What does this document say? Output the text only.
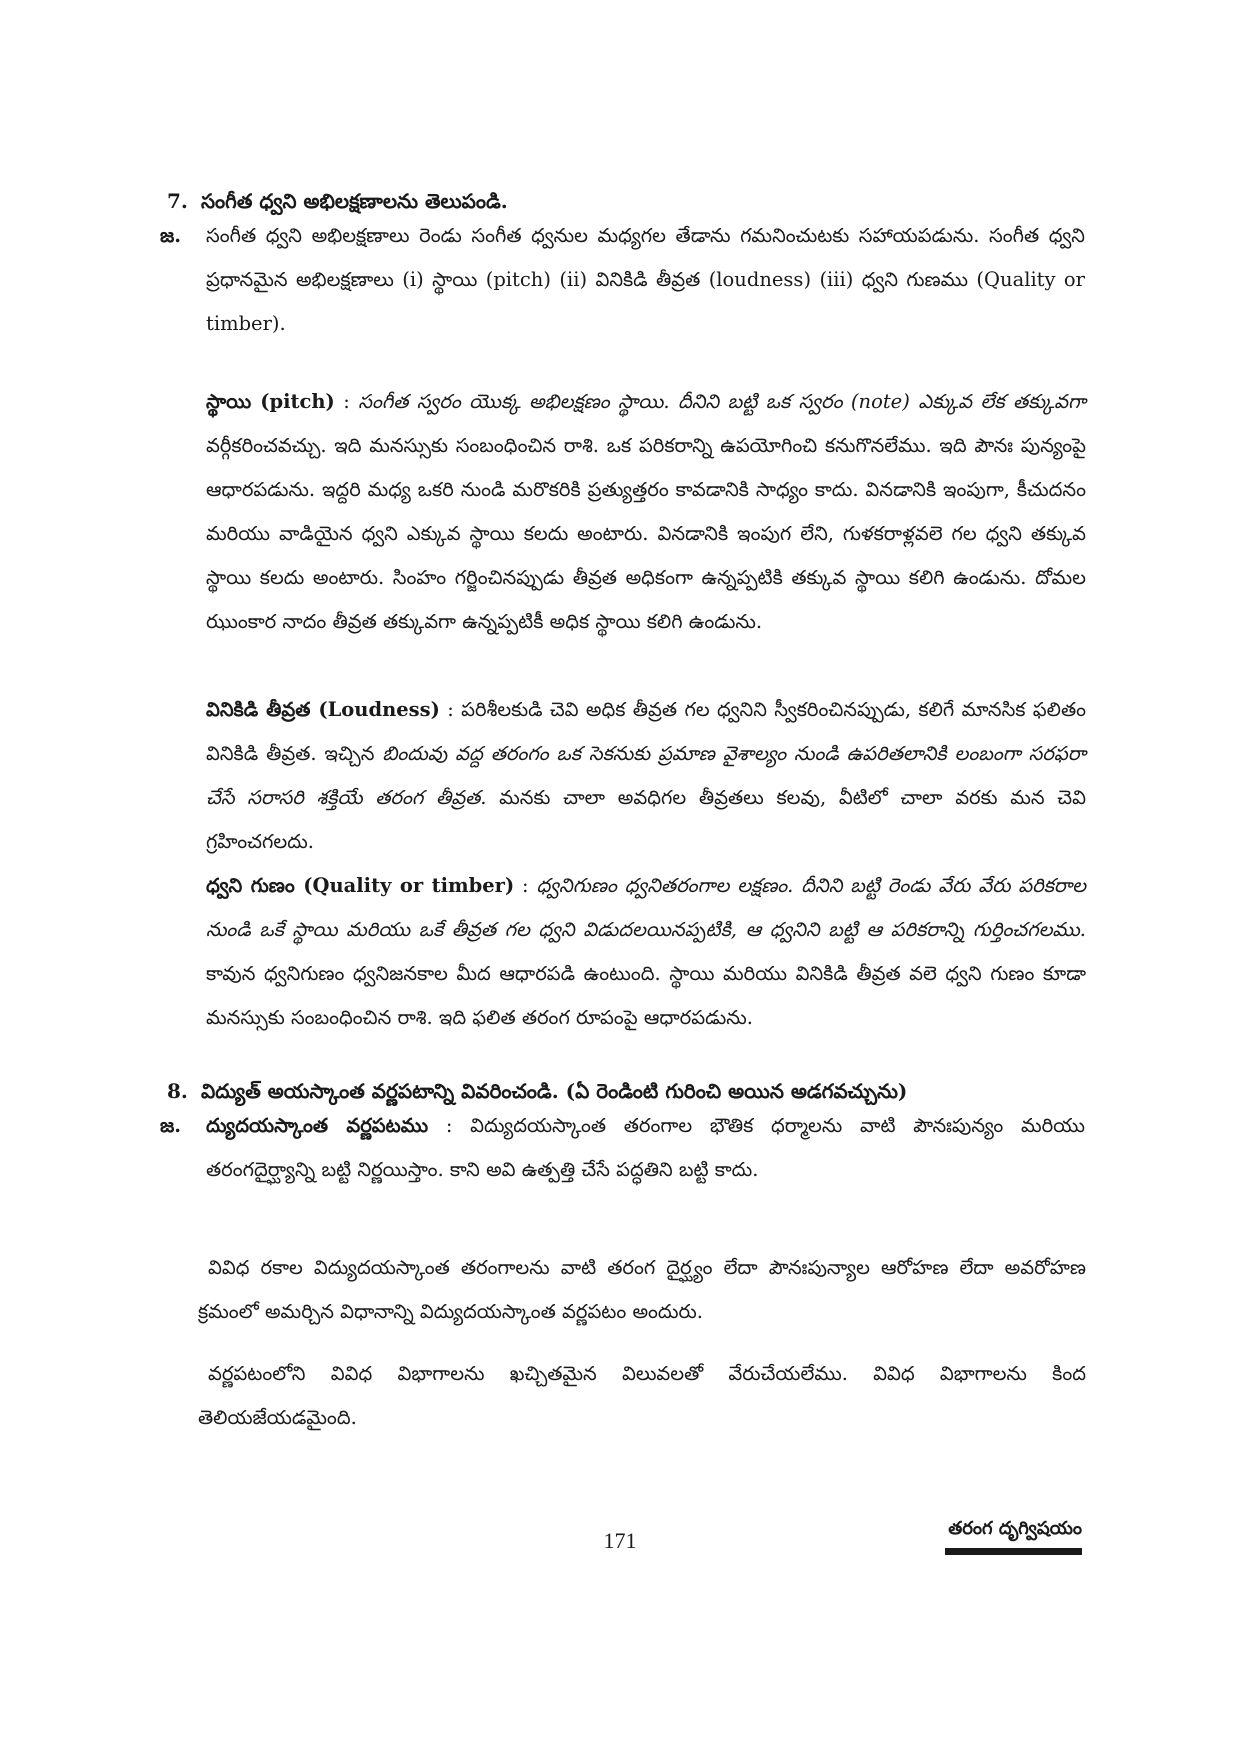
7. సంగీత ధ్వని అభిలక్షణాలను తెలుపండి.
జ. సంగీత ధ్వని అభిలక్షణాలు రెండు సంగీత ధ్వనుల మధ్యగల తేడాను గమనించుటకు సహాయపడును. సంగీత ధ్వని ప్రధానమైన అభిలక్షణాలు (i) స్థాయి (pitch) (ii) వినికిడి తీవ్రత (loudness) (iii) ధ్వని గుణము (Quality or timber).
స్థాయి (pitch) : సంగీత స్వరం యొక్క అభిలక్షణం స్థాయి. దీనిని బట్టి ఒక స్వరం (note) ఎక్కువ లేక తక్కువగా వర్గీకరించవచ్చు. ఇది మనస్సుకు సంబంధించిన రాశి. ఒక పరికరాన్ని ఉపయోగించి కనుగొనలేము. ఇది పౌనః పున్యంపై ఆధారపడును. ఇద్దరి మధ్య ఒకరి నుండి మరొకరికి ప్రత్యుత్తరం కావడానికి సాధ్యం కాదు. వినడానికి ఇంపుగా, కీచుదనం మరియు వాడియైన ధ్వని ఎక్కువ స్థాయి కలదు అంటారు. వినడానికి ఇంపుగ లేని, గుళకరాళ్లవలె గల ధ్వని తక్కువ స్థాయి కలదు అంటారు. సింహం గర్జించినప్పుడు తీవ్రత అధికంగా ఉన్నప్పటికి తక్కువ స్థాయి కలిగి ఉండును. దోమల ఝుంకార నాదం తీవ్రత తక్కువగా ఉన్నప్పటికీ అధిక స్థాయి కలిగి ఉండును.
వినికిడి తీవ్రత (Loudness) : పరిశీలకుడి చెవి అధిక తీవ్రత గల ధ్వనిని స్వీకరించినప్పుడు, కలిగే మానసిక ఫలితం వినికిడి తీవ్రత. ఇచ్చిన బిందువు వద్ద తరంగం ఒక సెకనుకు ప్రమాణ వైశాల్యం నుండి ఉపరితలానికి లంబంగా సరఫరా చేసే సరాసరి శక్తియే తరంగ తీవ్రత. మనకు చాలా అవధిగల తీవ్రతలు కలవు, వీటిలో చాలా వరకు మన చెవి గ్రహించగలదు.
ధ్వని గుణం (Quality or timber) : ధ్వనిగుణం ధ్వనితరంగాల లక్షణం. దీనిని బట్టి రెండు వేరు వేరు పరికరాల నుండి ఒకే స్థాయి మరియు ఒకే తీవ్రత గల ధ్వని విడుదలయినప్పటికి, ఆ ధ్వనిని బట్టి ఆ పరికరాన్ని గుర్తించగలము. కావున ధ్వనిగుణం ధ్వనిజనకాల మీద ఆధారపడి ఉంటుంది. స్థాయి మరియు వినికిడి తీవ్రత వలె ధ్వని గుణం కూడా మనస్సుకు సంబంధించిన రాశి. ఇది ఫలిత తరంగ రూపంపై ఆధారపడును.
8. విద్యుత్ అయస్కాంత వర్ణపటాన్ని వివరించండి. (ఏ రెండింటి గురించి అయిన అడగవచ్చును)
జ. ద్యుదయస్కాంత వర్ణపటము : విద్యుదయస్కాంత తరంగాల భౌతిక ధర్మాలను వాటి పౌనఃపున్యం మరియు తరంగదైర్ఘ్యాన్ని బట్టి నిర్ణయిస్తాం. కాని అవి ఉత్పత్తి చేసే పద్ధతిని బట్టి కాదు.
వివిధ రకాల విద్యుదయస్కాంత తరంగాలను వాటి తరంగ దైర్ఘ్యం లేదా పౌనఃపున్యాల ఆరోహణ లేదా అవరోహణ క్రమంలో అమర్చిన విధానాన్ని విద్యుదయస్కాంత వర్ణపటం అందురు.
వర్ణపటంలోని వివిధ విభాగాలను ఖచ్చితమైన విలువలతో వేరుచేయలేము. వివిధ విభాగాలను కింద తెలియజేయడమైంది.
171	తరంగ దృగ్విషయం
